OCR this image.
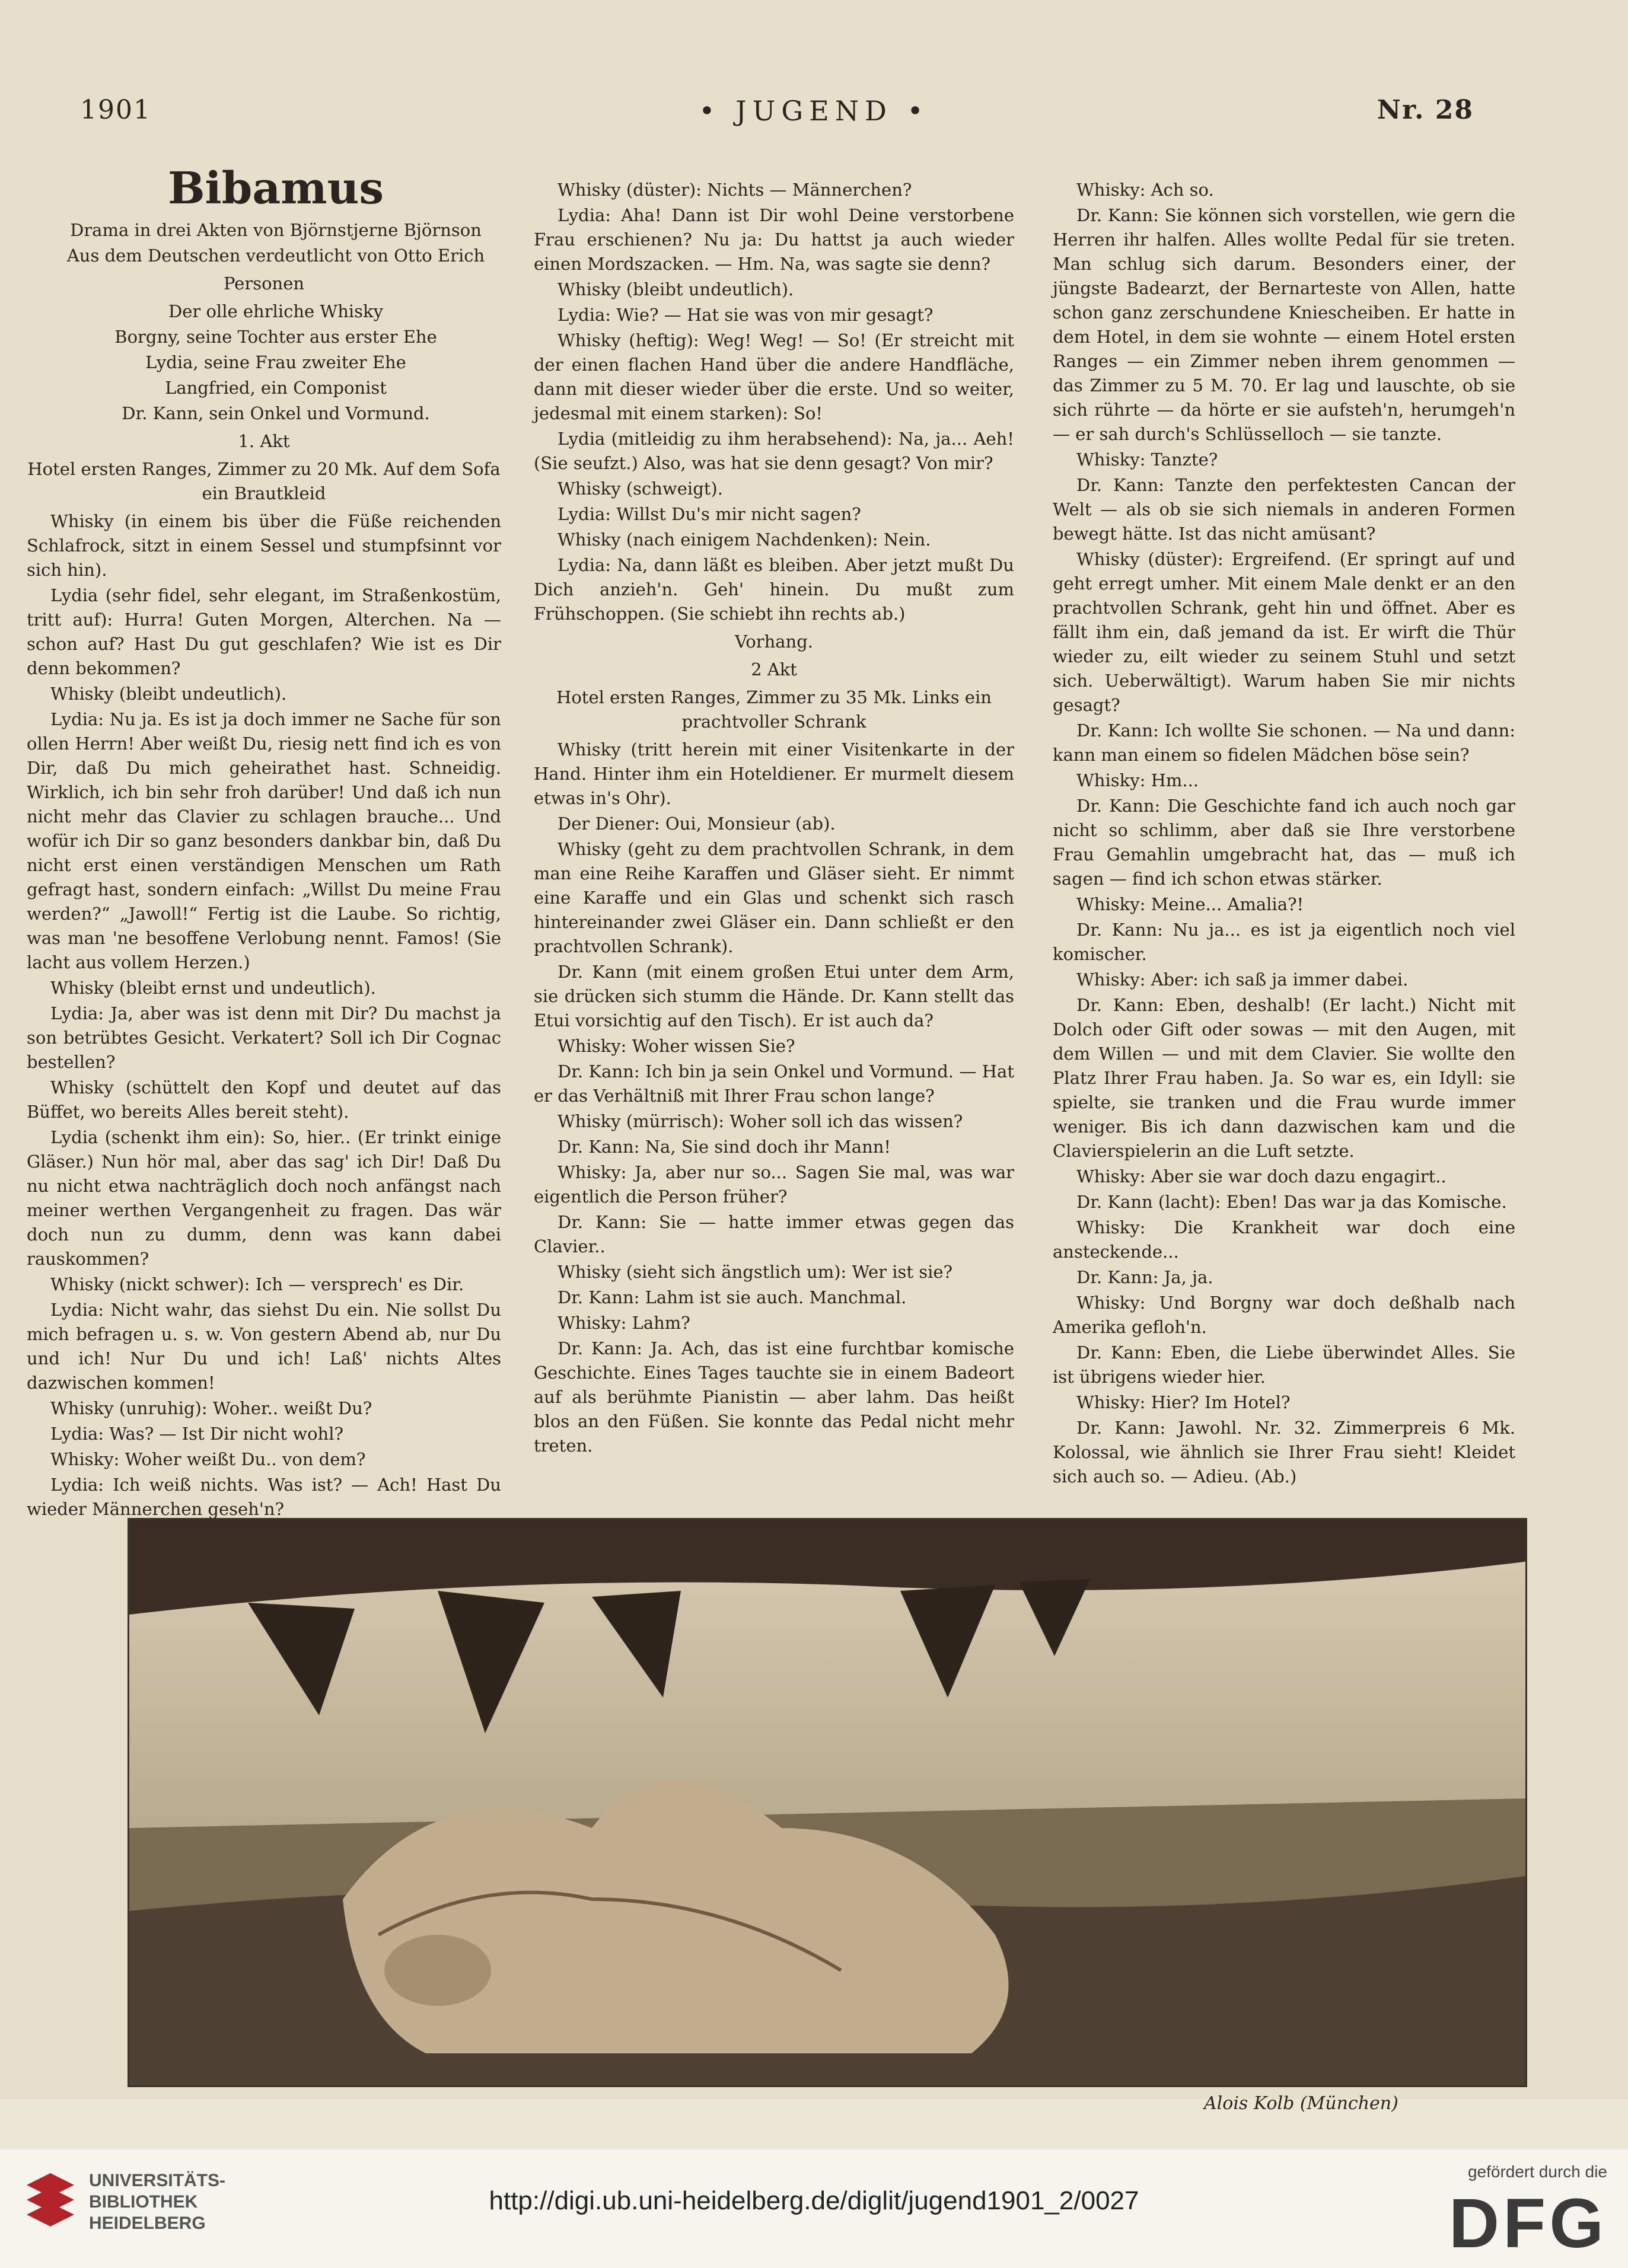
1901	• JUGEND •	Nr. 28

Bibamus

Drama in drei Akten von Björnstjerne Björnson

Aus dem Deutschen verdeutlicht von Otto Erich

Personen

Der olle ehrliche Whisky

Borgny, seine Tochter aus erster Ehe

Lydia, seine Frau zweiter Ehe

Langfried, ein Componist

Dr. Kann, sein Onkel und Vormund.

1. Akt

Hotel ersten Ranges, Zimmer zu 20 Mk. Auf dem Sofa ein Brautkleid

Whisky (in einem bis über die Füße reichenden Schlafrock, sitzt in einem Sessel und stumpfsinnt vor sich hin).

Lydia (sehr fidel, sehr elegant, im Straßenkostüm, tritt auf): Hurra! Guten Morgen, Alterchen. Na — schon auf? Hast Du gut geschlafen? Wie ist es Dir denn bekommen?

Whisky (bleibt undeutlich).

Lydia: Nu ja. Es ist ja doch immer ne Sache für son ollen Herrn! Aber weißt Du, riesig nett find ich es von Dir, daß Du mich geheirathet hast. Schneidig. Wirklich, ich bin sehr froh darüber! Und daß ich nun nicht mehr das Clavier zu schlagen brauche... Und wofür ich Dir so ganz besonders dankbar bin, daß Du nicht erst einen verständigen Menschen um Rath gefragt hast, sondern einfach: „Willst Du meine Frau werden?“ „Jawoll!“ Fertig ist die Laube. So richtig, was man 'ne besoffene Verlobung nennt. Famos! (Sie lacht aus vollem Herzen.)

Whisky (bleibt ernst und undeutlich).

Lydia: Ja, aber was ist denn mit Dir? Du machst ja son betrübtes Gesicht. Verkatert? Soll ich Dir Cognac bestellen?

Whisky (schüttelt den Kopf und deutet auf das Büffet, wo bereits Alles bereit steht).

Lydia (schenkt ihm ein): So, hier.. (Er trinkt einige Gläser.) Nun hör mal, aber das sag' ich Dir! Daß Du nu nicht etwa nachträglich doch noch anfängst nach meiner werthen Vergangenheit zu fragen. Das wär doch nun zu dumm, denn was kann dabei rauskommen?

Whisky (nickt schwer): Ich — versprech' es Dir.

Lydia: Nicht wahr, das siehst Du ein. Nie sollst Du mich befragen u. s. w. Von gestern Abend ab, nur Du und ich! Nur Du und ich! Laß' nichts Altes dazwischen kommen!

Whisky (unruhig): Woher.. weißt Du?

Lydia: Was? — Ist Dir nicht wohl?

Whisky: Woher weißt Du.. von dem?

Lydia: Ich weiß nichts. Was ist? — Ach! Hast Du wieder Männerchen geseh'n?

Whisky (düster): Nichts — Männerchen?

Lydia: Aha! Dann ist Dir wohl Deine verstorbene Frau erschienen? Nu ja: Du hattst ja auch wieder einen Mordszacken. — Hm. Na, was sagte sie denn?

Whisky (bleibt undeutlich).

Lydia: Wie? — Hat sie was von mir gesagt?

Whisky (heftig): Weg! Weg! — So! (Er streicht mit der einen flachen Hand über die andere Handfläche, dann mit dieser wieder über die erste. Und so weiter, jedesmal mit einem starken): So!

Lydia (mitleidig zu ihm herabsehend): Na, ja... Aeh! (Sie seufzt.) Also, was hat sie denn gesagt? Von mir?

Whisky (schweigt).

Lydia: Willst Du's mir nicht sagen?

Whisky (nach einigem Nachdenken): Nein.

Lydia: Na, dann läßt es bleiben. Aber jetzt mußt Du Dich anzieh'n. Geh' hinein. Du mußt zum Frühschoppen. (Sie schiebt ihn rechts ab.)

Vorhang.

2 Akt

Hotel ersten Ranges, Zimmer zu 35 Mk. Links ein prachtvoller Schrank

Whisky (tritt herein mit einer Visitenkarte in der Hand. Hinter ihm ein Hoteldiener. Er murmelt diesem etwas in's Ohr).

Der Diener: Oui, Monsieur (ab).

Whisky (geht zu dem prachtvollen Schrank, in dem man eine Reihe Karaffen und Gläser sieht. Er nimmt eine Karaffe und ein Glas und schenkt sich rasch hintereinander zwei Gläser ein. Dann schließt er den prachtvollen Schrank).

Dr. Kann (mit einem großen Etui unter dem Arm, sie drücken sich stumm die Hände. Dr. Kann stellt das Etui vorsichtig auf den Tisch). Er ist auch da?

Whisky: Woher wissen Sie?

Dr. Kann: Ich bin ja sein Onkel und Vormund. — Hat er das Verhältniß mit Ihrer Frau schon lange?

Whisky (mürrisch): Woher soll ich das wissen?

Dr. Kann: Na, Sie sind doch ihr Mann!

Whisky: Ja, aber nur so... Sagen Sie mal, was war eigentlich die Person früher?

Dr. Kann: Sie — hatte immer etwas gegen das Clavier..

Whisky (sieht sich ängstlich um): Wer ist sie?

Dr. Kann: Lahm ist sie auch. Manchmal.

Whisky: Lahm?

Dr. Kann: Ja. Ach, das ist eine furchtbar komische Geschichte. Eines Tages tauchte sie in einem Badeort auf als berühmte Pianistin — aber lahm. Das heißt blos an den Füßen. Sie konnte das Pedal nicht mehr treten.

Whisky: Ach so.

Dr. Kann: Sie können sich vorstellen, wie gern die Herren ihr halfen. Alles wollte Pedal für sie treten. Man schlug sich darum. Besonders einer, der jüngste Badearzt, der Bernarteste von Allen, hatte schon ganz zerschundene Kniescheiben. Er hatte in dem Hotel, in dem sie wohnte — einem Hotel ersten Ranges — ein Zimmer neben ihrem genommen — das Zimmer zu 5 M. 70. Er lag und lauschte, ob sie sich rührte — da hörte er sie aufsteh'n, herumgeh'n — er sah durch's Schlüsselloch — sie tanzte.

Whisky: Tanzte?

Dr. Kann: Tanzte den perfektesten Cancan der Welt — als ob sie sich niemals in anderen Formen bewegt hätte. Ist das nicht amüsant?

Whisky (düster): Ergreifend. (Er springt auf und geht erregt umher. Mit einem Male denkt er an den prachtvollen Schrank, geht hin und öffnet. Aber es fällt ihm ein, daß jemand da ist. Er wirft die Thür wieder zu, eilt wieder zu seinem Stuhl und setzt sich. Ueberwältigt). Warum haben Sie mir nichts gesagt?

Dr. Kann: Ich wollte Sie schonen. — Na und dann: kann man einem so fidelen Mädchen böse sein?

Whisky: Hm...

Dr. Kann: Die Geschichte fand ich auch noch gar nicht so schlimm, aber daß sie Ihre verstorbene Frau Gemahlin umgebracht hat, das — muß ich sagen — find ich schon etwas stärker.

Whisky: Meine... Amalia?!

Dr. Kann: Nu ja... es ist ja eigentlich noch viel komischer.

Whisky: Aber: ich saß ja immer dabei.

Dr. Kann: Eben, deshalb! (Er lacht.) Nicht mit Dolch oder Gift oder sowas — mit den Augen, mit dem Willen — und mit dem Clavier. Sie wollte den Platz Ihrer Frau haben. Ja. So war es, ein Idyll: sie spielte, sie tranken und die Frau wurde immer weniger. Bis ich dann dazwischen kam und die Clavierspielerin an die Luft setzte.

Whisky: Aber sie war doch dazu engagirt..

Dr. Kann (lacht): Eben! Das war ja das Komische.

Whisky: Die Krankheit war doch eine ansteckende...

Dr. Kann: Ja, ja.

Whisky: Und Borgny war doch deßhalb nach Amerika gefloh'n.

Dr. Kann: Eben, die Liebe überwindet Alles. Sie ist übrigens wieder hier.

Whisky: Hier? Im Hotel?

Dr. Kann: Jawohl. Nr. 32. Zimmerpreis 6 Mk. Kolossal, wie ähnlich sie Ihrer Frau sieht! Kleidet sich auch so. — Adieu. (Ab.)

Alois Kolb (München)
UNIVERSITÄTS-
BIBLIOTHEK
HEIDELBERG
http://digi.ub.uni-heidelberg.de/diglit/jugend1901_2/0027
gefördert durch die
DFG
